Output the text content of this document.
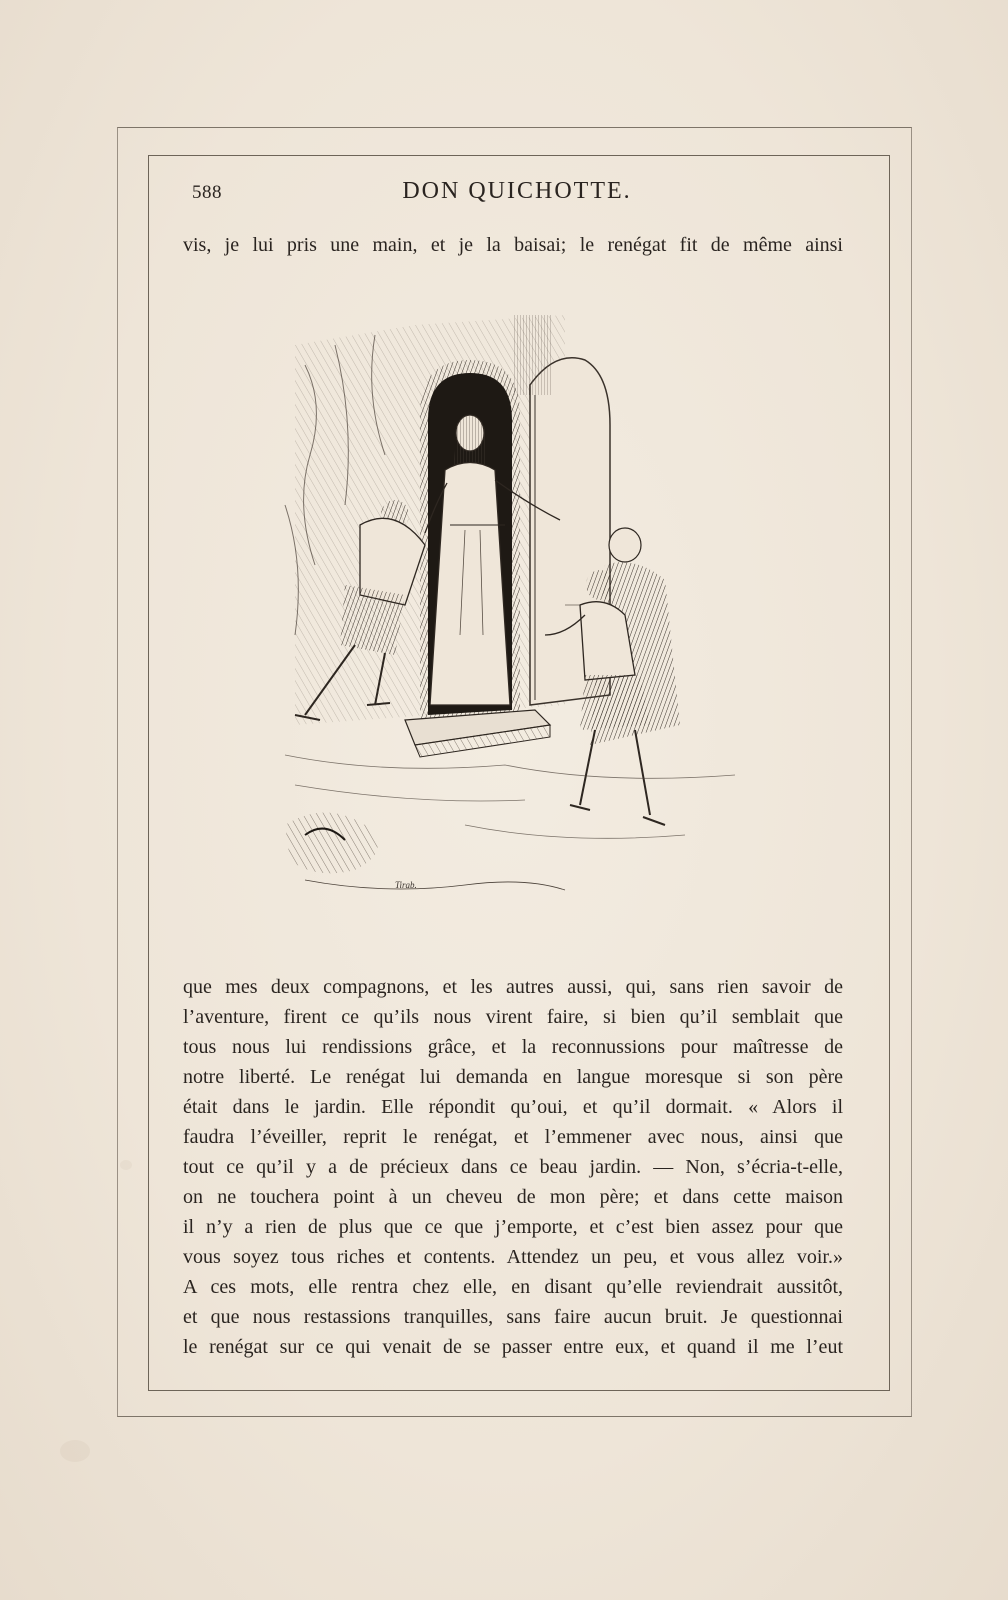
588	DON QUICHOTTE.
vis, je lui pris une main, et je la baisai; le renégat fit de même ainsi
Tirab.
que mes deux compagnons, et les autres aussi, qui, sans rien savoir de
l’aventure, firent ce qu’ils nous virent faire, si bien qu’il semblait que
tous nous lui rendissions grâce, et la reconnussions pour maîtresse de
notre liberté. Le renégat lui demanda en langue moresque si son père
était dans le jardin. Elle répondit qu’oui, et qu’il dormait. « Alors il
faudra l’éveiller, reprit le renégat, et l’emmener avec nous, ainsi que
tout ce qu’il y a de précieux dans ce beau jardin. — Non, s’écria-t-elle,
on ne touchera point à un cheveu de mon père; et dans cette maison
il n’y a rien de plus que ce que j’emporte, et c’est bien assez pour que
vous soyez tous riches et contents. Attendez un peu, et vous allez voir.»
A ces mots, elle rentra chez elle, en disant qu’elle reviendrait aussitôt,
et que nous restassions tranquilles, sans faire aucun bruit. Je questionnai
le renégat sur ce qui venait de se passer entre eux, et quand il me l’eut
